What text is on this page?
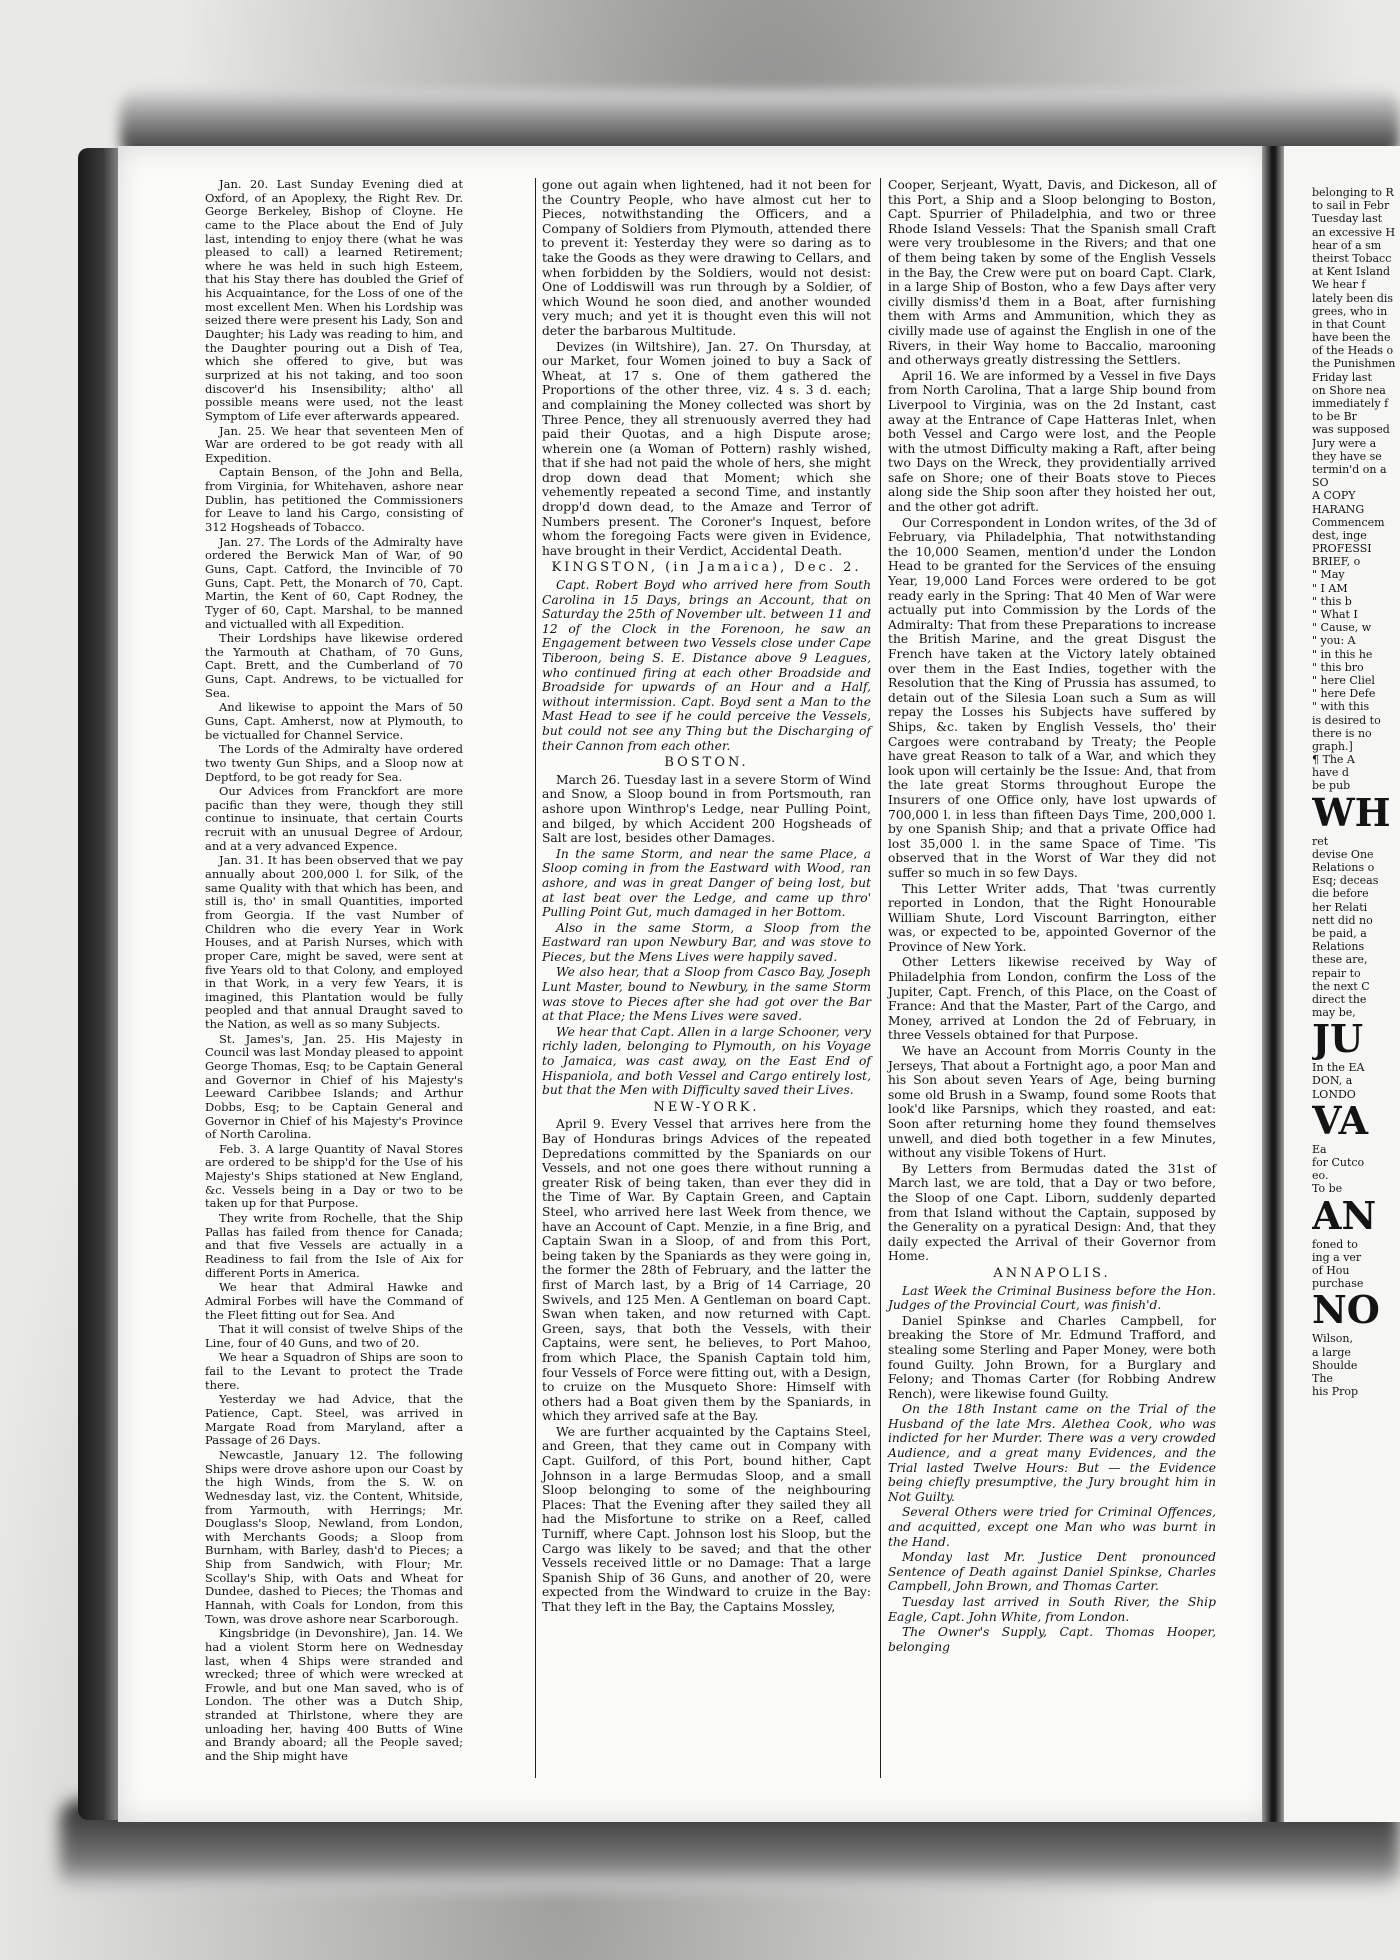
belonging to R
to sail in Febr
Tuesday last
an excessive H
hear of a sm
theirst Tobacc
at Kent Island
We hear f
lately been dis
grees, who in
in that Count
have been the
of the Heads o
the Punishmen
Friday last
on Shore nea
immediately f
to be Br
was supposed
Jury were a
they have se
termin'd on a
SO
A COPY
HARANG
Commencem
dest, inge
PROFESSI
BRIEF, o
" May
" I AM
" this b
" What I
" Cause, w
" you: A
" in this he
" this bro
" here Cliel
" here Defe
" with this
is desired to
there is no
graph.]
¶ The A
have d
be pub
WH
ret
devise One
Relations o
Esq; deceas
die before
her Relati
nett did no
be paid, a
Relations
these are,
repair to
the next C
direct the
may be,
JU
In the EA
DON, a
LONDO
VA
Ea
for Cutco
eo.
To be
AN
foned to
ing a ver
of Hou
purchase
NO
Wilson,
a large
Shoulde
The
his Prop

Jan. 20. Last Sunday Evening died at Oxford, of an Apoplexy, the Right Rev. Dr. George Berkeley, Bishop of Cloyne. He came to the Place about the End of July last, intending to enjoy there (what he was pleased to call) a learned Retirement; where he was held in such high Esteem, that his Stay there has doubled the Grief of his Acquaintance, for the Loss of one of the most excellent Men. When his Lordship was seized there were present his Lady, Son and Daughter; his Lady was reading to him, and the Daughter pouring out a Dish of Tea, which she offered to give, but was surprized at his not taking, and too soon discover'd his Insensibility; altho' all possible means were used, not the least Symptom of Life ever afterwards appeared.

Jan. 25. We hear that seventeen Men of War are ordered to be got ready with all Expedition.

Captain Benson, of the John and Bella, from Virginia, for Whitehaven, ashore near Dublin, has petitioned the Commissioners for Leave to land his Cargo, consisting of 312 Hogsheads of Tobacco.

Jan. 27. The Lords of the Admiralty have ordered the Berwick Man of War, of 90 Guns, Capt. Catford, the Invincible of 70 Guns, Capt. Pett, the Monarch of 70, Capt. Martin, the Kent of 60, Capt Rodney, the Tyger of 60, Capt. Marshal, to be manned and victualled with all Expedition.

Their Lordships have likewise ordered the Yarmouth at Chatham, of 70 Guns, Capt. Brett, and the Cumberland of 70 Guns, Capt. Andrews, to be victualled for Sea.

And likewise to appoint the Mars of 50 Guns, Capt. Amherst, now at Plymouth, to be victualled for Channel Service.

The Lords of the Admiralty have ordered two twenty Gun Ships, and a Sloop now at Deptford, to be got ready for Sea.

Our Advices from Franckfort are more pacific than they were, though they still continue to insinuate, that certain Courts recruit with an unusual Degree of Ardour, and at a very advanced Expence.

Jan. 31. It has been observed that we pay annually about 200,000 l. for Silk, of the same Quality with that which has been, and still is, tho' in small Quantities, imported from Georgia. If the vast Number of Children who die every Year in Work Houses, and at Parish Nurses, which with proper Care, might be saved, were sent at five Years old to that Colony, and employed in that Work, in a very few Years, it is imagined, this Plantation would be fully peopled and that annual Draught saved to the Nation, as well as so many Subjects.

St. James's, Jan. 25. His Majesty in Council was last Monday pleased to appoint George Thomas, Esq; to be Captain General and Governor in Chief of his Majesty's Leeward Caribbee Islands; and Arthur Dobbs, Esq; to be Captain General and Governor in Chief of his Majesty's Province of North Carolina.

Feb. 3. A large Quantity of Naval Stores are ordered to be shipp'd for the Use of his Majesty's Ships stationed at New England, &c. Vessels being in a Day or two to be taken up for that Purpose.

They write from Rochelle, that the Ship Pallas has failed from thence for Canada; and that five Vessels are actually in a Readiness to fail from the Isle of Aix for different Ports in America.

We hear that Admiral Hawke and Admiral Forbes will have the Command of the Fleet fitting out for Sea. And

That it will consist of twelve Ships of the Line, four of 40 Guns, and two of 20.

We hear a Squadron of Ships are soon to fail to the Levant to protect the Trade there.

Yesterday we had Advice, that the Patience, Capt. Steel, was arrived in Margate Road from Maryland, after a Passage of 26 Days.

Newcastle, January 12. The following Ships were drove ashore upon our Coast by the high Winds, from the S. W. on Wednesday last, viz. the Content, Whitside, from Yarmouth, with Herrings; Mr. Douglass's Sloop, Newland, from London, with Merchants Goods; a Sloop from Burnham, with Barley, dash'd to Pieces; a Ship from Sandwich, with Flour; Mr. Scollay's Ship, with Oats and Wheat for Dundee, dashed to Pieces; the Thomas and Hannah, with Coals for London, from this Town, was drove ashore near Scarborough.

Kingsbridge (in Devonshire), Jan. 14. We had a violent Storm here on Wednesday last, when 4 Ships were stranded and wrecked; three of which were wrecked at Frowle, and but one Man saved, who is of London. The other was a Dutch Ship, stranded at Thirlstone, where they are unloading her, having 400 Butts of Wine and Brandy aboard; all the People saved; and the Ship might have

gone out again when lightened, had it not been for the Country People, who have almost cut her to Pieces, notwithstanding the Officers, and a Company of Soldiers from Plymouth, attended there to prevent it: Yesterday they were so daring as to take the Goods as they were drawing to Cellars, and when forbidden by the Soldiers, would not desist: One of Loddiswill was run through by a Soldier, of which Wound he soon died, and another wounded very much; and yet it is thought even this will not deter the barbarous Multitude.

Devizes (in Wiltshire), Jan. 27. On Thursday, at our Market, four Women joined to buy a Sack of Wheat, at 17 s. One of them gathered the Proportions of the other three, viz. 4 s. 3 d. each; and complaining the Money collected was short by Three Pence, they all strenuously averred they had paid their Quotas, and a high Dispute arose; wherein one (a Woman of Pottern) rashly wished, that if she had not paid the whole of hers, she might drop down dead that Moment; which she vehemently repeated a second Time, and instantly dropp'd down dead, to the Amaze and Terror of Numbers present. The Coroner's Inquest, before whom the foregoing Facts were given in Evidence, have brought in their Verdict, Accidental Death.

KINGSTON, (in Jamaica), Dec. 2.

Capt. Robert Boyd who arrived here from South Carolina in 15 Days, brings an Account, that on Saturday the 25th of November ult. between 11 and 12 of the Clock in the Forenoon, he saw an Engagement between two Vessels close under Cape Tiberoon, being S. E. Distance above 9 Leagues, who continued firing at each other Broadside and Broadside for upwards of an Hour and a Half, without intermission. Capt. Boyd sent a Man to the Mast Head to see if he could perceive the Vessels, but could not see any Thing but the Discharging of their Cannon from each other.

BOSTON.

March 26. Tuesday last in a severe Storm of Wind and Snow, a Sloop bound in from Portsmouth, ran ashore upon Winthrop's Ledge, near Pulling Point, and bilged, by which Accident 200 Hogsheads of Salt are lost, besides other Damages.

In the same Storm, and near the same Place, a Sloop coming in from the Eastward with Wood, ran ashore, and was in great Danger of being lost, but at last beat over the Ledge, and came up thro' Pulling Point Gut, much damaged in her Bottom.

Also in the same Storm, a Sloop from the Eastward ran upon Newbury Bar, and was stove to Pieces, but the Mens Lives were happily saved.

We also hear, that a Sloop from Casco Bay, Joseph Lunt Master, bound to Newbury, in the same Storm was stove to Pieces after she had got over the Bar at that Place; the Mens Lives were saved.

We hear that Capt. Allen in a large Schooner, very richly laden, belonging to Plymouth, on his Voyage to Jamaica, was cast away, on the East End of Hispaniola, and both Vessel and Cargo entirely lost, but that the Men with Difficulty saved their Lives.

NEW-YORK.

April 9. Every Vessel that arrives here from the Bay of Honduras brings Advices of the repeated Depredations committed by the Spaniards on our Vessels, and not one goes there without running a greater Risk of being taken, than ever they did in the Time of War. By Captain Green, and Captain Steel, who arrived here last Week from thence, we have an Account of Capt. Menzie, in a fine Brig, and Captain Swan in a Sloop, of and from this Port, being taken by the Spaniards as they were going in, the former the 28th of February, and the latter the first of March last, by a Brig of 14 Carriage, 20 Swivels, and 125 Men. A Gentleman on board Capt. Swan when taken, and now returned with Capt. Green, says, that both the Vessels, with their Captains, were sent, he believes, to Port Mahoo, from which Place, the Spanish Captain told him, four Vessels of Force were fitting out, with a Design, to cruize on the Musqueto Shore: Himself with others had a Boat given them by the Spaniards, in which they arrived safe at the Bay.

We are further acquainted by the Captains Steel, and Green, that they came out in Company with Capt. Guilford, of this Port, bound hither, Capt Johnson in a large Bermudas Sloop, and a small Sloop belonging to some of the neighbouring Places: That the Evening after they sailed they all had the Misfortune to strike on a Reef, called Turniff, where Capt. Johnson lost his Sloop, but the Cargo was likely to be saved; and that the other Vessels received little or no Damage: That a large Spanish Ship of 36 Guns, and another of 20, were expected from the Windward to cruize in the Bay: That they left in the Bay, the Captains Mossley,

Cooper, Serjeant, Wyatt, Davis, and Dickeson, all of this Port, a Ship and a Sloop belonging to Boston, Capt. Spurrier of Philadelphia, and two or three Rhode Island Vessels: That the Spanish small Craft were very troublesome in the Rivers; and that one of them being taken by some of the English Vessels in the Bay, the Crew were put on board Capt. Clark, in a large Ship of Boston, who a few Days after very civilly dismiss'd them in a Boat, after furnishing them with Arms and Ammunition, which they as civilly made use of against the English in one of the Rivers, in their Way home to Baccalio, marooning and otherways greatly distressing the Settlers.

April 16. We are informed by a Vessel in five Days from North Carolina, That a large Ship bound from Liverpool to Virginia, was on the 2d Instant, cast away at the Entrance of Cape Hatteras Inlet, when both Vessel and Cargo were lost, and the People with the utmost Difficulty making a Raft, after being two Days on the Wreck, they providentially arrived safe on Shore; one of their Boats stove to Pieces along side the Ship soon after they hoisted her out, and the other got adrift.

Our Correspondent in London writes, of the 3d of February, via Philadelphia, That notwithstanding the 10,000 Seamen, mention'd under the London Head to be granted for the Services of the ensuing Year, 19,000 Land Forces were ordered to be got ready early in the Spring: That 40 Men of War were actually put into Commission by the Lords of the Admiralty: That from these Preparations to increase the British Marine, and the great Disgust the French have taken at the Victory lately obtained over them in the East Indies, together with the Resolution that the King of Prussia has assumed, to detain out of the Silesia Loan such a Sum as will repay the Losses his Subjects have suffered by Ships, &c. taken by English Vessels, tho' their Cargoes were contraband by Treaty; the People have great Reason to talk of a War, and which they look upon will certainly be the Issue: And, that from the late great Storms throughout Europe the Insurers of one Office only, have lost upwards of 700,000 l. in less than fifteen Days Time, 200,000 l. by one Spanish Ship; and that a private Office had lost 35,000 l. in the same Space of Time. 'Tis observed that in the Worst of War they did not suffer so much in so few Days.

This Letter Writer adds, That 'twas currently reported in London, that the Right Honourable William Shute, Lord Viscount Barrington, either was, or expected to be, appointed Governor of the Province of New York.

Other Letters likewise received by Way of Philadelphia from London, confirm the Loss of the Jupiter, Capt. French, of this Place, on the Coast of France: And that the Master, Part of the Cargo, and Money, arrived at London the 2d of February, in three Vessels obtained for that Purpose.

We have an Account from Morris County in the Jerseys, That about a Fortnight ago, a poor Man and his Son about seven Years of Age, being burning some old Brush in a Swamp, found some Roots that look'd like Parsnips, which they roasted, and eat: Soon after returning home they found themselves unwell, and died both together in a few Minutes, without any visible Tokens of Hurt.

By Letters from Bermudas dated the 31st of March last, we are told, that a Day or two before, the Sloop of one Capt. Liborn, suddenly departed from that Island without the Captain, supposed by the Generality on a pyratical Design: And, that they daily expected the Arrival of their Governor from Home.

ANNAPOLIS.

Last Week the Criminal Business before the Hon. Judges of the Provincial Court, was finish'd.

Daniel Spinkse and Charles Campbell, for breaking the Store of Mr. Edmund Trafford, and stealing some Sterling and Paper Money, were both found Guilty. John Brown, for a Burglary and Felony; and Thomas Carter (for Robbing Andrew Rench), were likewise found Guilty.

On the 18th Instant came on the Trial of the Husband of the late Mrs. Alethea Cook, who was indicted for her Murder. There was a very crowded Audience, and a great many Evidences, and the Trial lasted Twelve Hours: But — the Evidence being chiefly presumptive, the Jury brought him in Not Guilty.

Several Others were tried for Criminal Offences, and acquitted, except one Man who was burnt in the Hand.

Monday last Mr. Justice Dent pronounced Sentence of Death against Daniel Spinkse, Charles Campbell, John Brown, and Thomas Carter.

Tuesday last arrived in South River, the Ship Eagle, Capt. John White, from London.

The Owner's Supply, Capt. Thomas Hooper, belonging
